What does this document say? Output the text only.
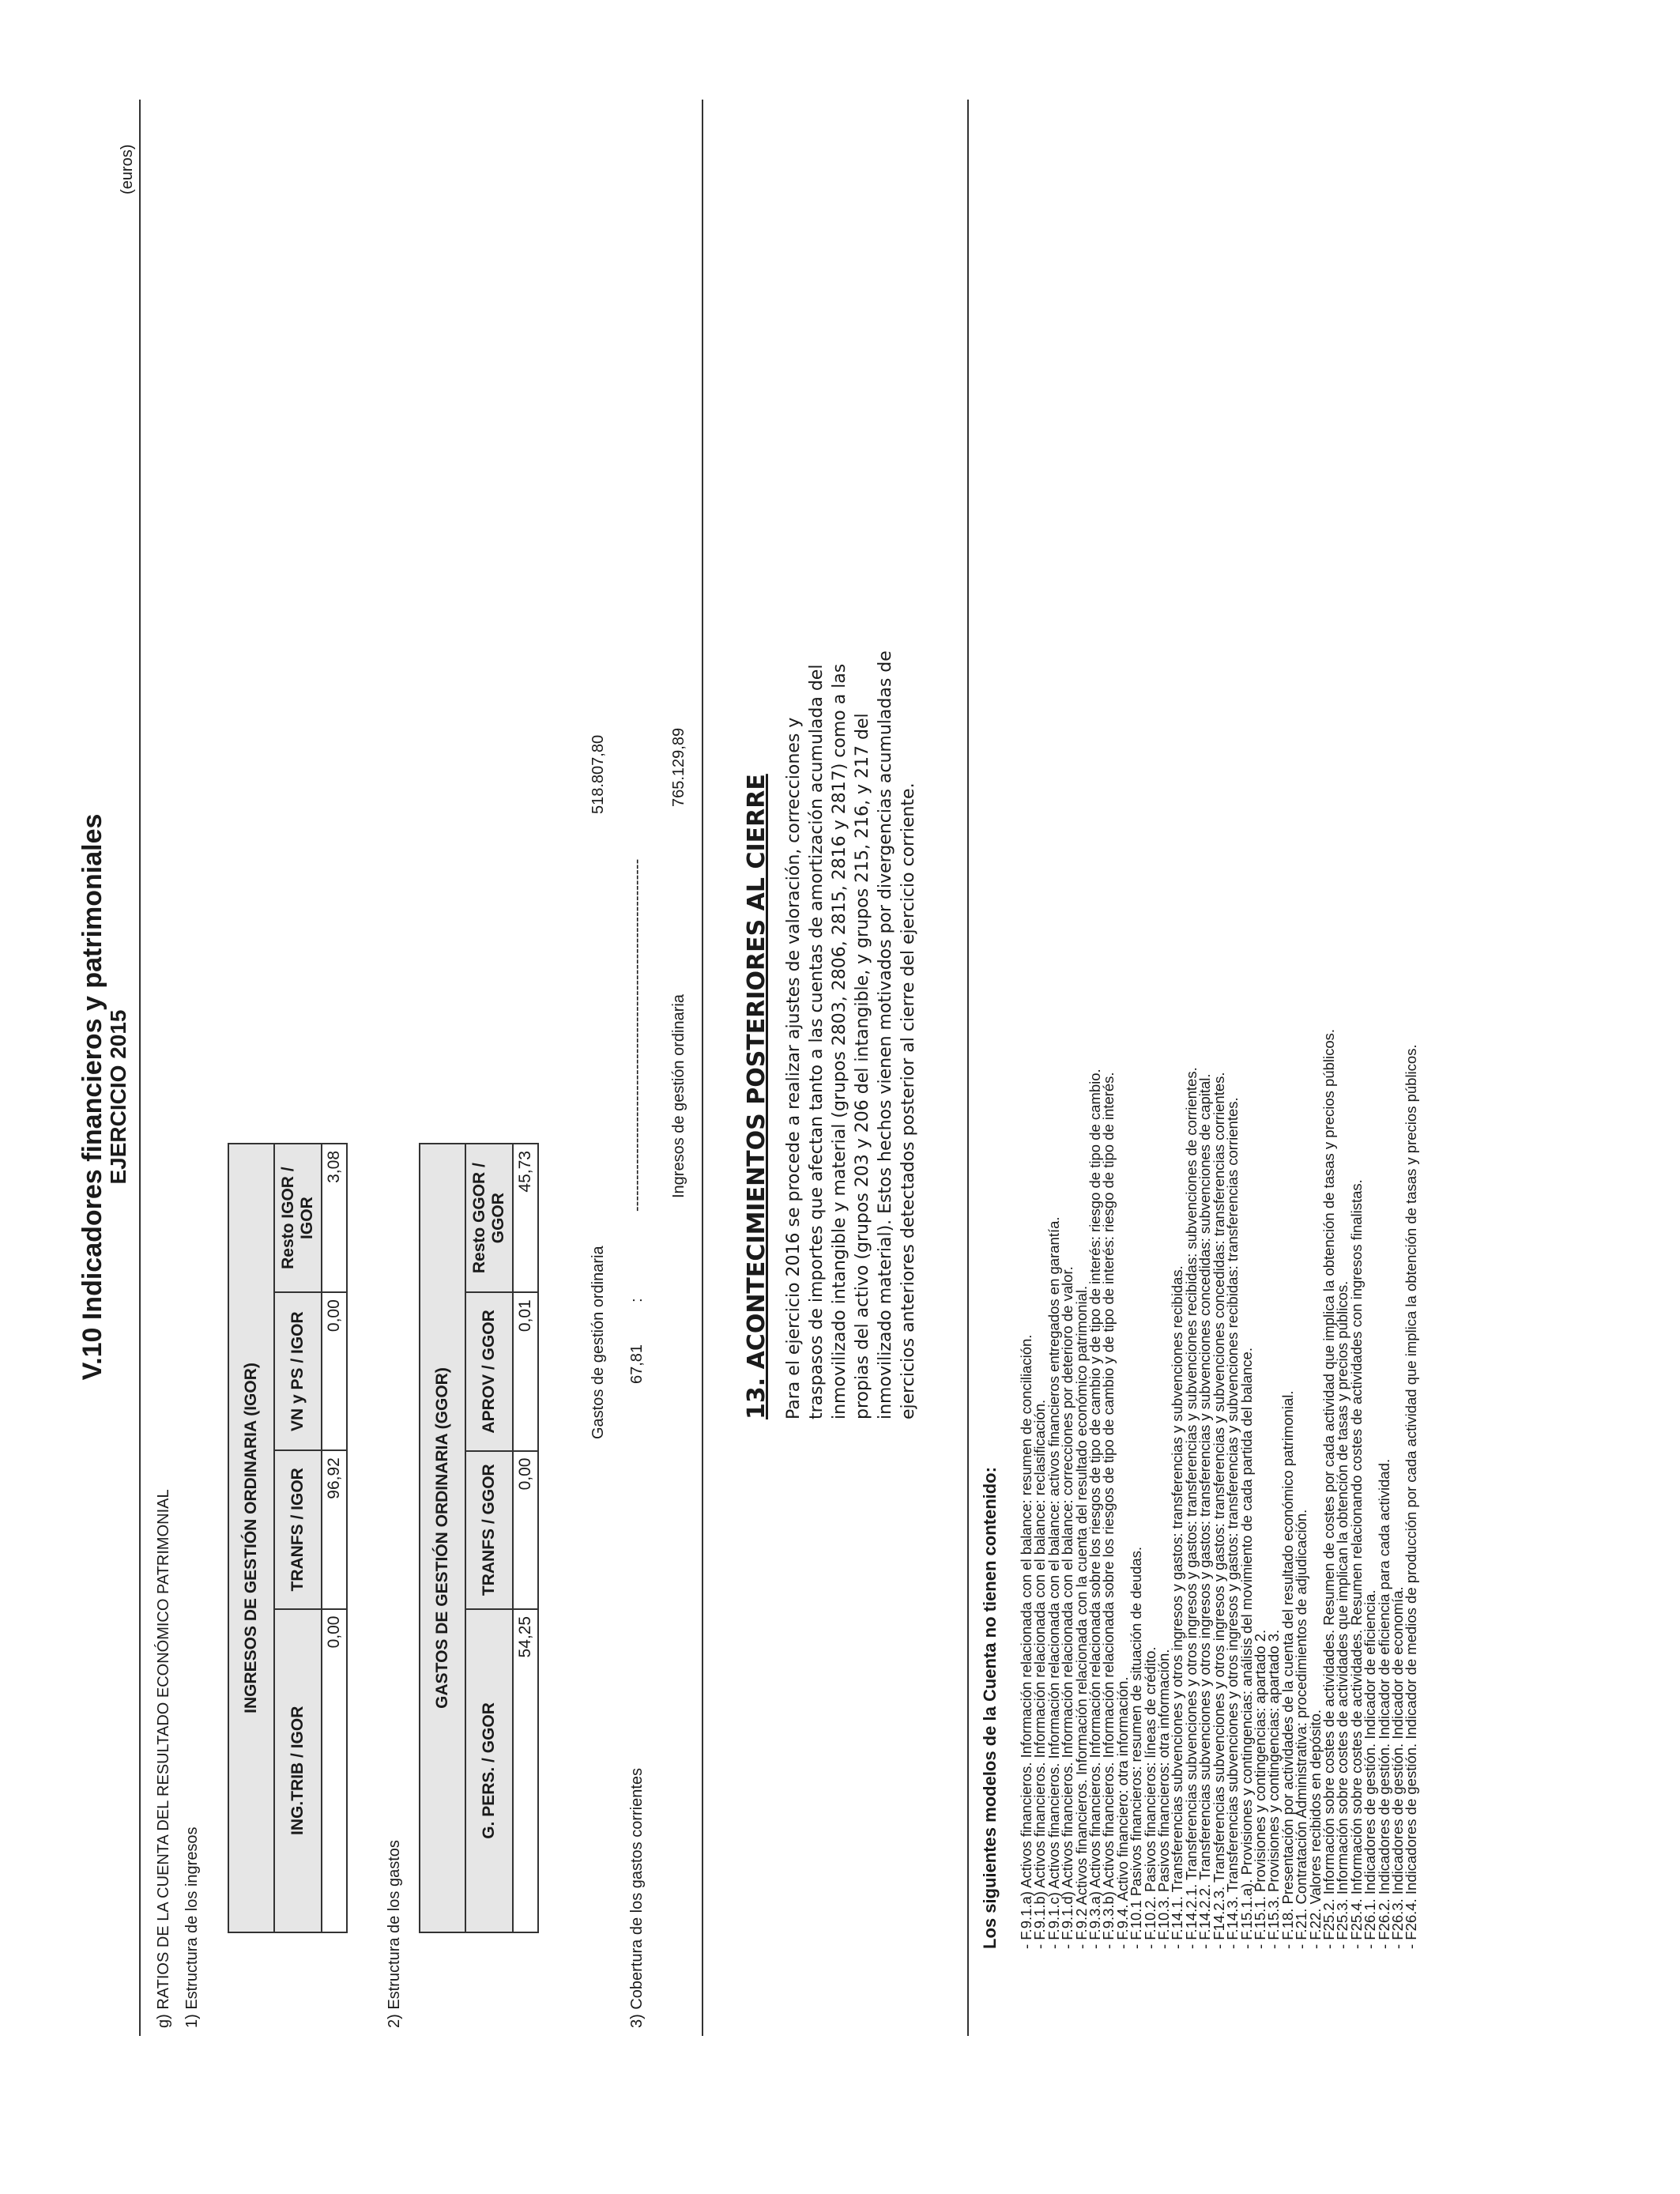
V.10 Indicadores financieros y patrimoniales
EJERCICIO 2015
(euros)
g) RATIOS DE LA CUENTA DEL RESULTADO ECONÓMICO PATRIMONIAL 1) Estructura de los ingresos
INGRESOS DE GESTIÓN ORDINARIA (IGOR)			
ING.TRIB / IGOR	TRANFS / IGOR	VN y PS / IGOR	Resto IGOR / IGOR
0,00	96,92	0,00	3,08
2) Estructura de los gastos
GASTOS DE GESTIÓN ORDINARIA (GGOR)			
G. PERS. / GGOR	TRANFS / GGOR	APROV / GGOR	Resto GGOR / GGOR
54,25	0,00	0,01	45,73
3) Cobertura de los gastos corrientes
Gastos de gestión ordinaria
518.807,80
67,81
:
------------------------------------------------------------------- Ingresos de gestión ordinaria
765.129,89
13. ACONTECIMIENTOS POSTERIORES AL CIERRE Para el ejercicio 2016 se procede a realizar ajustes de valoración, correcciones y traspasos de importes que afectan tanto a las cuentas de amortización acumulada del inmovilizado intangible y material (grupos 2803, 2806, 2815, 2816 y 2817) como a las propias del activo (grupos 203 y 206 del intangible, y grupos 215, 216, y 217 del inmovilizado material). Estos hechos vienen motivados por divergencias acumuladas de ejercicios anteriores detectados posterior al cierre del ejercicio corriente.
Los siguientes modelos de la Cuenta no tienen contenido: - F.9.1.a) Activos financieros. Información relacionada con el balance: resumen de conciliación.
- F.9.1.b) Activos financieros. Información relacionada con el balance: reclasificación.
- F.9.1.c) Activos financieros. Información relacionada con el balance: activos financieros entregados en garantía.
- F.9.1.d) Activos financieros. Información relacionada con el balance: correcciones por deterioro de valor.
- F.9.2 Activos financieros. Información relacionada con la cuenta del resultado económico patrimonial.
- F.9.3.a) Activos financieros. Información relacionada sobre los riesgos de tipo de cambio y de tipo de interés: riesgo de tipo de cambio.
- F.9.3.b) Activos financieros. Información relacionada sobre los riesgos de tipo de cambio y de tipo de interés: riesgo de tipo de interés.
- F.9.4. Activo financiero: otra información.
- F.10.1 Pasivos financieros: resumen de situación de deudas.
- F.10.2. Pasivos financieros: líneas de crédito.
- F.10.3. Pasivos financieros: otra información.
- F.14.1. Transferencias subvenciones y otros ingresos y gastos: transferencias y subvenciones recibidas.
- F.14.2.1. Transferencias subvenciones y otros ingresos y gastos: transferencias y subvenciones recibidas: subvenciones de corrientes.
- F.14.2.2. Transferencias subvenciones y otros ingresos y gastos: transferencias y subvenciones concedidas: subvenciones de capital.
- F14.2.3. Transferencias subvenciones y otros ingresos y gastos: transferencias y subvenciones concedidas: transferencias corrientes.
- F.14.3. Transferencias subvenciones y otros ingresos y gastos: transferencias y subvenciones recibidas: transferencias corrientes.
- F.15.1.a). Provisiones y contingencias: análisis del movimiento de cada partida del balance.
- F.15.1. Provisiones y contingencias: apartado 2.
- F.15.3. Provisiones y contingencias: apartado 3.
- F.18. Presentación por actividades de la cuenta del resultado económico patrimonial.
- F.21. Contratación Administrativa: procedimientos de adjudicación.
- F.22. Valores recibidos en depósito.
- F25.2. Información sobre costes de actividades. Resumen de costes por cada actividad que implica la obtención de tasas y precios públicos.
- F25.3. Información sobre costes de actividades que implican la obtención de tasas y precios públicos.
- F25.4. Información sobre costes de actividades. Resumen relacionando costes de actividades con ingresos finalistas.
- F26.1. Indicadores de gestión. Indicador de eficiencia.
- F26.2. Indicadores de gestión. Indicador de eficiencia para cada actividad.
- F26.3. Indicadores de gestión. Indicador de economía.
- F26.4. Indicadores de gestión. Indicador de medios de producción por cada actividad que implica la obtención de tasas y precios públicos.
